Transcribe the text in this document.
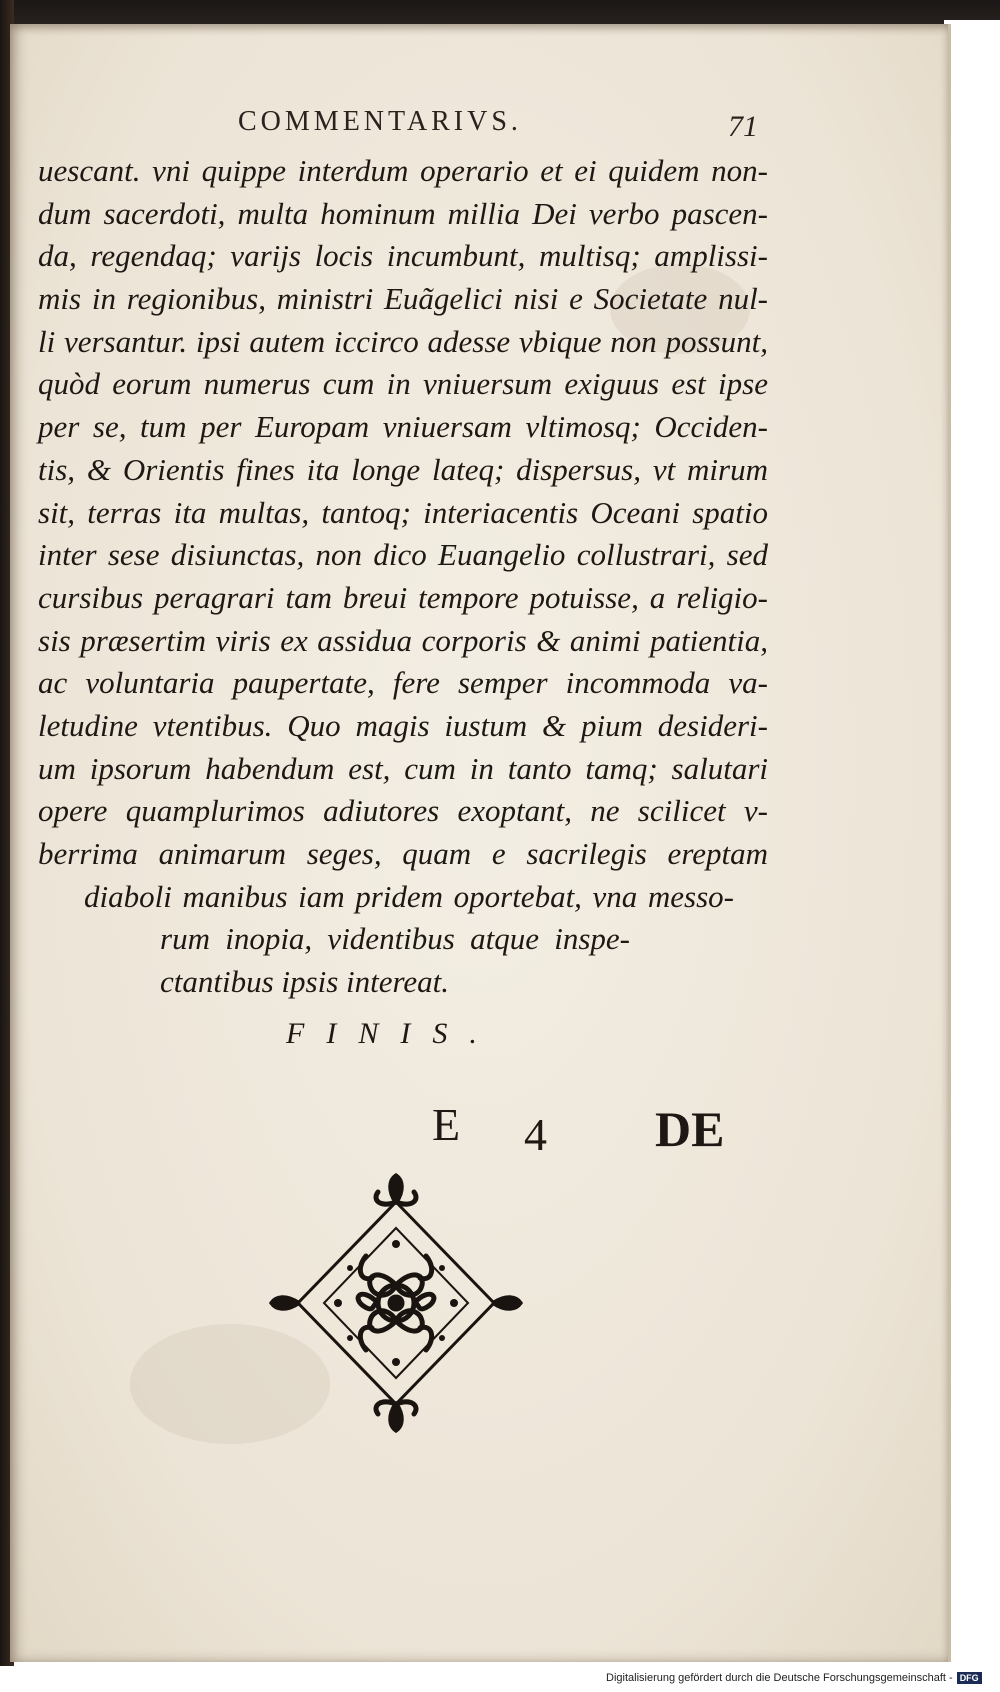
COMMENTARIVS.	71
uescant. vni quippe interdum operario et ei quidem non-
dum sacerdoti, multa hominum millia Dei verbo pascen-
da, regendaq; varijs locis incumbunt, multisq; amplissi-
mis in regionibus, ministri Euãgelici nisi e Societate nul-
li versantur. ipsi autem iccirco adesse vbique non possunt,
quòd eorum numerus cum in vniuersum exiguus est ipse
per se, tum per Europam vniuersam vltimosq; Occiden-
tis, & Orientis fines ita longe lateq; dispersus, vt mirum
sit, terras ita multas, tantoq; interiacentis Oceani spatio
inter sese disiunctas, non dico Euangelio collustrari, sed
cursibus peragrari tam breui tempore potuisse, a religio-
sis præsertim viris ex assidua corporis & animi patientia,
ac voluntaria paupertate, fere semper incommoda va-
letudine vtentibus. Quo magis iustum & pium desideri-
um ipsorum habendum est, cum in tanto tamq; salutari
opere quamplurimos adiutores exoptant, ne scilicet v-
berrima animarum seges, quam e sacrilegis ereptam
diaboli manibus iam pridem oportebat, vna messo-
rum inopia, videntibus atque inspe-
ctantibus ipsis intereat.
FINIS.
E 4 DE
Digitalisierung gefördert durch die Deutsche Forschungsgemeinschaft - DFG
